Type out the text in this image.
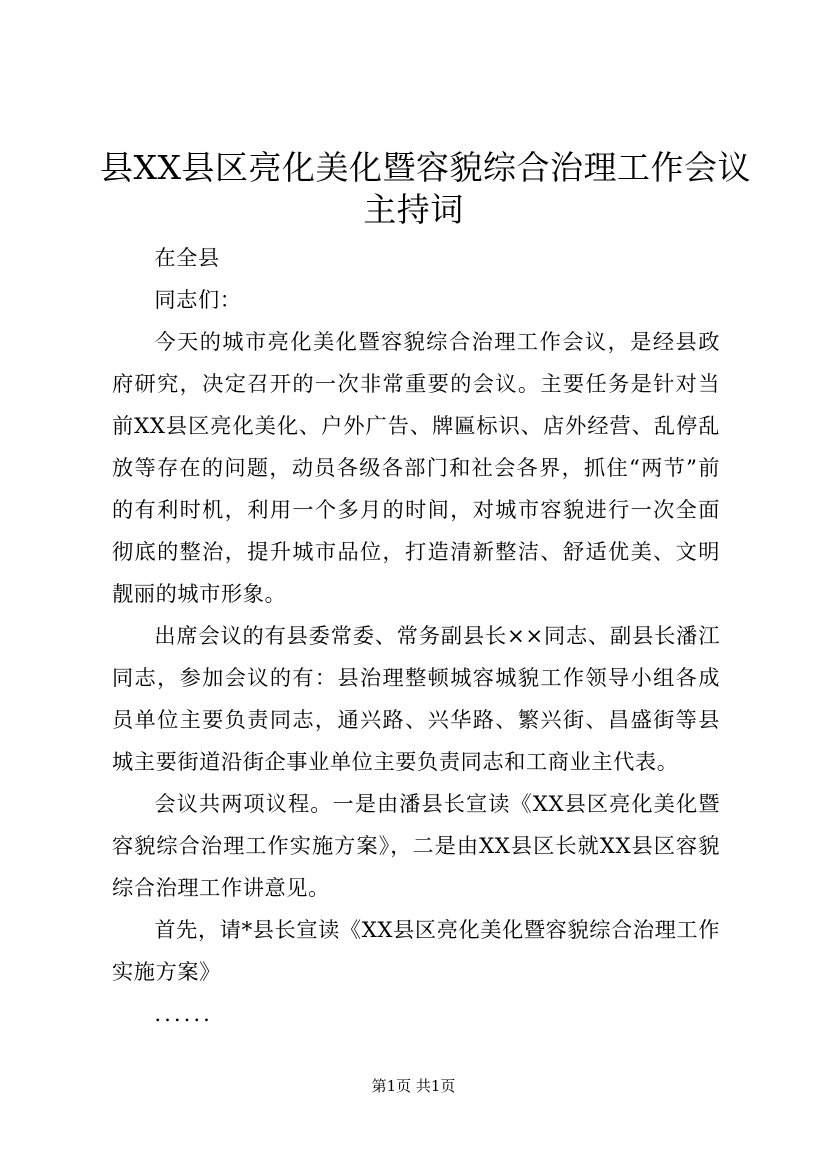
县XX县区亮化美化暨容貌综合治理工作会议
主持词

在全县

同志们：

今天的城市亮化美化暨容貌综合治理工作会议，是经县政府研究，决定召开的一次非常重要的会议。主要任务是针对当前XX县区亮化美化、户外广告、牌匾标识、店外经营、乱停乱放等存在的问题，动员各级各部门和社会各界，抓住“两节”前的有利时机，利用一个多月的时间，对城市容貌进行一次全面彻底的整治，提升城市品位，打造清新整洁、舒适优美、文明靓丽的城市形象。

出席会议的有县委常委、常务副县长××同志、副县长潘江同志，参加会议的有：县治理整顿城容城貌工作领导小组各成员单位主要负责同志，通兴路、兴华路、繁兴街、昌盛街等县城主要街道沿街企事业单位主要负责同志和工商业主代表。

会议共两项议程。一是由潘县长宣读《XX县区亮化美化暨容貌综合治理工作实施方案》，二是由XX县区长就XX县区容貌综合治理工作讲意见。

首先，请*县长宣读《XX县区亮化美化暨容貌综合治理工作实施方案》

......

第1页 共1页
